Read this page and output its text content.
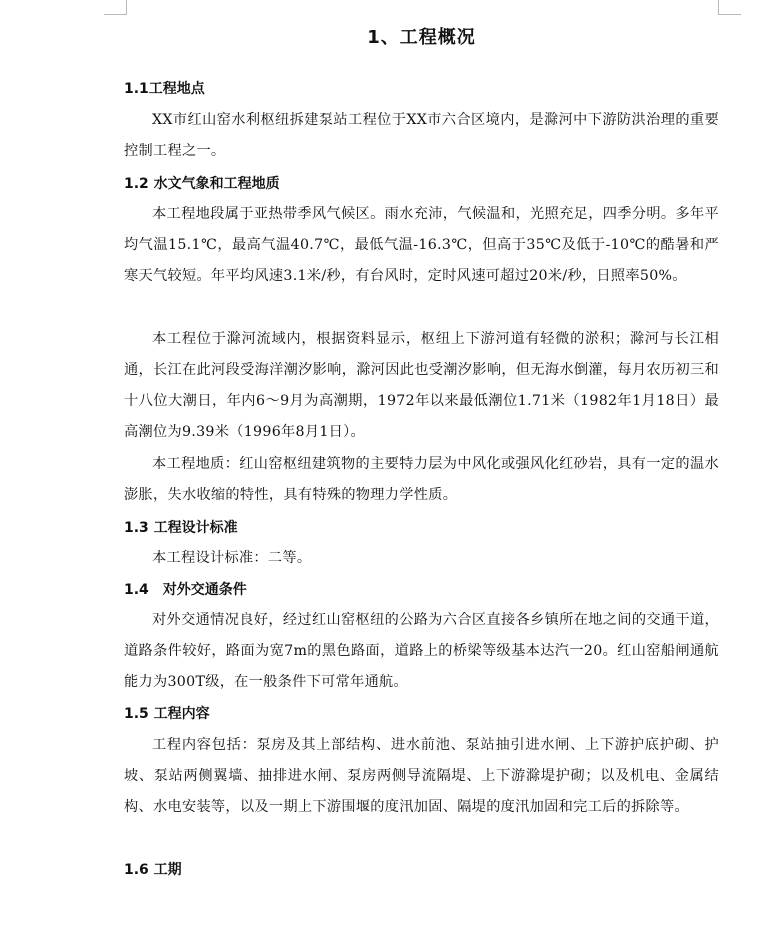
1、工程概况
1.1工程地点

XX市红山窑水利枢纽拆建泵站工程位于XX市六合区境内，是滁河中下游防洪治理的重要控制工程之一。

1.2 水文气象和工程地质

本工程地段属于亚热带季风气候区。雨水充沛，气候温和，光照充足，四季分明。多年平均气温15.1℃，最高气温40.7℃，最低气温-16.3℃，但高于35℃及低于-10℃的酷暑和严寒天气较短。年平均风速3.1米/秒，有台风时，定时风速可超过20米/秒，日照率50%。

本工程位于滁河流域内，根据资料显示，枢纽上下游河道有轻微的淤积；滁河与长江相通，长江在此河段受海洋潮汐影响，滁河因此也受潮汐影响，但无海水倒灌，每月农历初三和十八位大潮日，年内6～9月为高潮期，1972年以来最低潮位1.71米（1982年1月18日）最高潮位为9.39米（1996年8月1日）。

本工程地质：红山窑枢纽建筑物的主要特力层为中风化或强风化红砂岩，具有一定的温水澎胀，失水收缩的特性，具有特殊的物理力学性质。

1.3 工程设计标准

本工程设计标准：二等。

1.4　对外交通条件

对外交通情况良好，经过红山窑枢纽的公路为六合区直接各乡镇所在地之间的交通干道，道路条件较好，路面为宽7m的黑色路面，道路上的桥梁等级基本达汽一20。红山窑船闸通航能力为300T级，在一般条件下可常年通航。

1.5 工程内容

工程内容包括：泵房及其上部结构、进水前池、泵站抽引进水闸、上下游护底护砌、护坡、泵站两侧翼墙、抽排进水闸、泵房两侧导流隔堤、上下游滁堤护砌；以及机电、金属结构、水电安装等，以及一期上下游围堰的度汛加固、隔堤的度汛加固和完工后的拆除等。

1.6 工期
